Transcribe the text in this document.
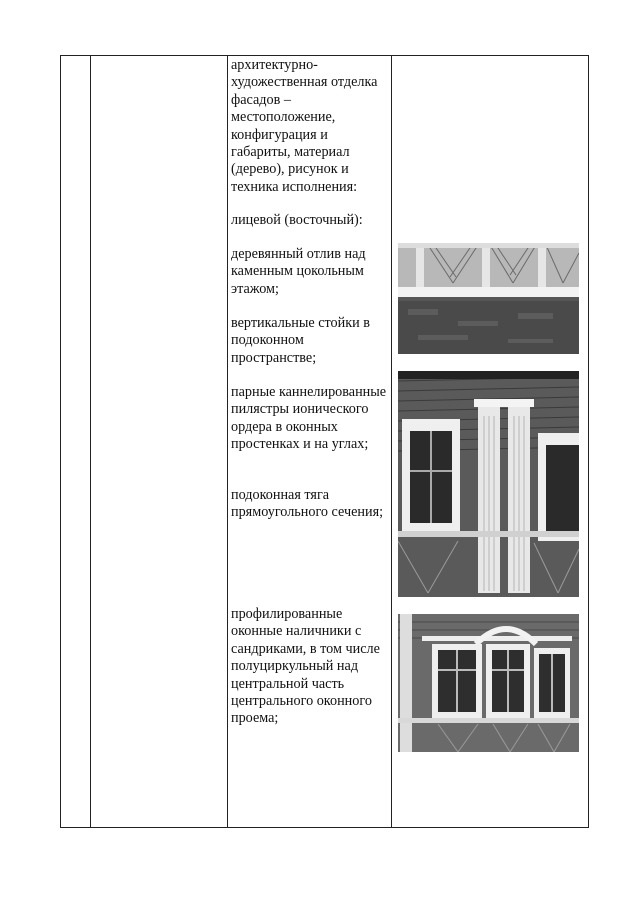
архитектурно-художественная отделка фасадов – местоположение, конфигурация и габариты, материал (дерево), рисунок и техника исполнения:
лицевой (восточный):
деревянный отлив над каменным цокольным этажом;
вертикальные стойки в подоконном пространстве;
парные каннелированные пилястры ионического ордера в оконных простенках и на углах;
подоконная тяга прямоугольного сечения;
профилированные оконные наличники с сандриками, в том числе полуциркульный над центральной часть центрального оконного проема;
